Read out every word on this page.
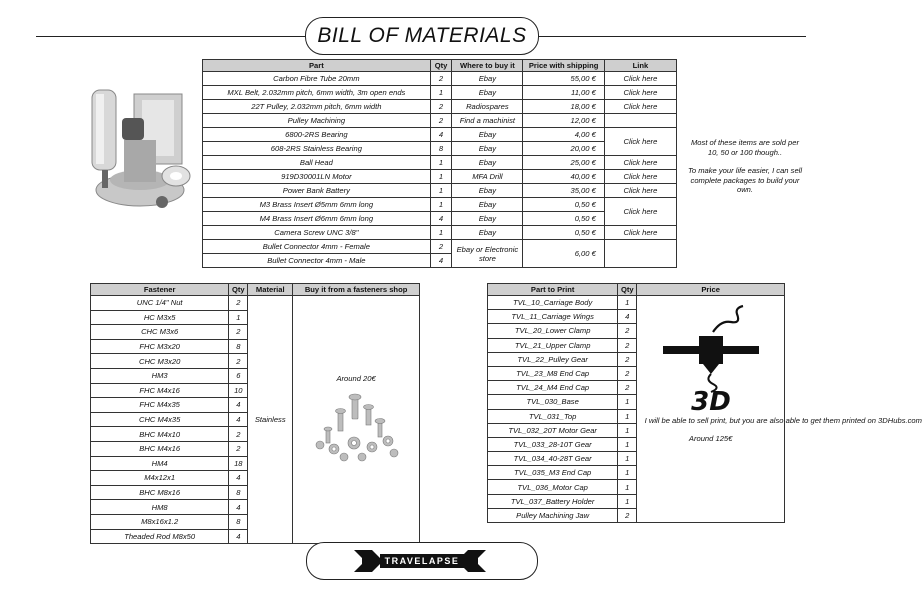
BILL OF MATERIALS
Part	Qty	Where to buy it	Price with shipping	Link
Carbon Fibre Tube 20mm	2	Ebay	55,00 €	Click here
MXL Belt, 2.032mm pitch, 6mm width, 3m open ends	1	Ebay	11,00 €	Click here
22T Pulley, 2.032mm pitch, 6mm width	2	Radiospares	18,00 €	Click here
Pulley Machining	2	Find a machinist	12,00 €	
6800-2RS Bearing	4	Ebay	4,00 €	Click here
608-2RS Stainless Bearing	8	Ebay	20,00 €	
Ball Head	1	Ebay	25,00 €	Click here
919D30001LN Motor	1	MFA Drill	40,00 €	Click here
Power Bank Battery	1	Ebay	35,00 €	Click here
M3 Brass Insert Ø5mm 6mm long	1	Ebay	0,50 €	Click here
M4 Brass Insert Ø6mm 6mm long	4	Ebay	0,50 €	
Camera Screw UNC 3/8"	1	Ebay	0,50 €	Click here
Bullet Connector 4mm - Female	2	Ebay or Electronic store	6,00 €	
Bullet Connector 4mm - Male	4			
Most of these items are sold per 10, 50 or 100 though..
To make your life easier, I can sell complete packages to build your own.
Fastener	Qty	Material	Buy it from a fasteners shop
UNC 1/4" Nut	2	Stainless	Around 20€

HC M3x5	1		
CHC M3x6	2		
FHC M3x20	8		
CHC M3x20	2		
HM3	6		
FHC M4x16	10		
FHC M4x35	4		
CHC M4x35	4		
BHC M4x10	2		
BHC M4x16	2		
HM4	18		
M4x12x1	4		
BHC M8x16	8		
HM8	4		
M8x16x1.2	8		
Theaded Rod M8x50	4		
Part to Print	Qty	Price
TVL_10_Carriage Body	1	3D
I will be able to sell print, but you are also able to get them printed on 3DHubs.com
Around 125€

TVL_11_Carriage Wings	4	
TVL_20_Lower Clamp	2	
TVL_21_Upper Clamp	2	
TVL_22_Pulley Gear	2	
TVL_23_M8 End Cap	2	
TVL_24_M4 End Cap	2	
TVL_030_Base	1	
TVL_031_Top	1	
TVL_032_20T Motor Gear	1	
TVL_033_28-10T Gear	1	
TVL_034_40-28T Gear	1	
TVL_035_M3 End Cap	1	
TVL_036_Motor Cap	1	
TVL_037_Battery Holder	1	
Pulley Machining Jaw	2	
TRAVELAPSE
